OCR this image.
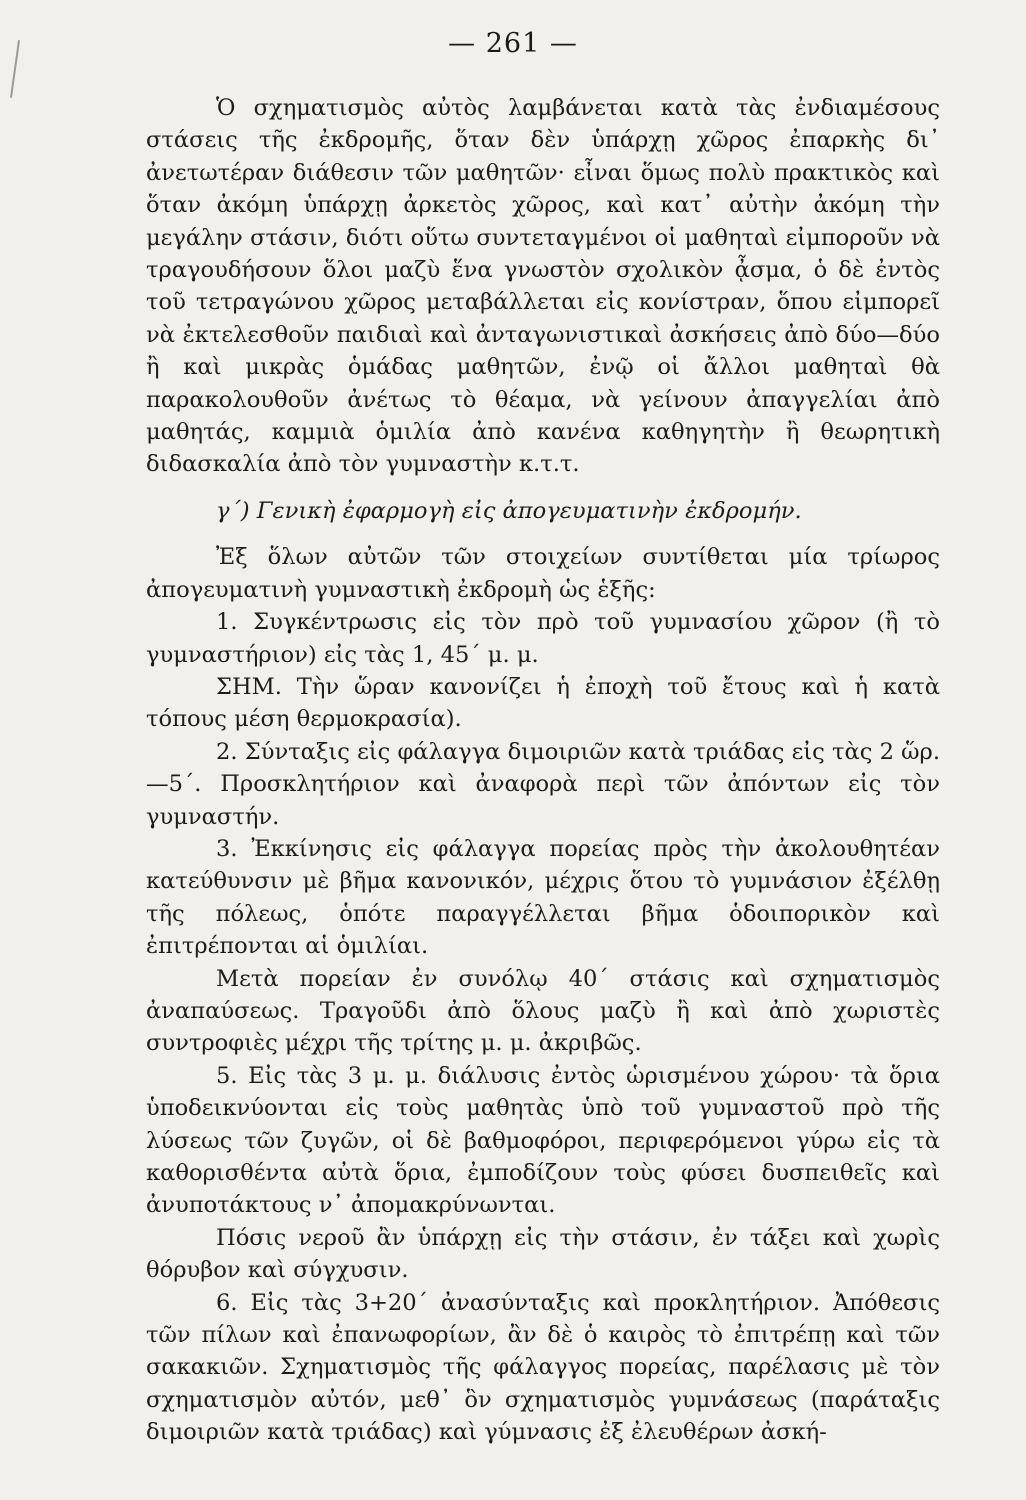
— 261 —

Ὁ σχηματισμὸς αὐτὸς λαμβάνεται κατὰ τὰς ἐνδιαμέσους στάσεις τῆς ἐκδρομῆς, ὅταν δὲν ὑπάρχῃ χῶρος ἐπαρκὴς δι᾽ ἀνετωτέραν διάθεσιν τῶν μαθητῶν· εἶναι ὅμως πολὺ πρακτικὸς καὶ ὅταν ἀκόμη ὑπάρχῃ ἀρκετὸς χῶρος, καὶ κατ᾽ αὐτὴν ἀκόμη τὴν μεγάλην στάσιν, διότι οὕτω συντεταγμένοι οἱ μαθηταὶ εἰμποροῦν νὰ τραγουδήσουν ὅλοι μαζὺ ἕνα γνωστὸν σχολικὸν ᾆσμα, ὁ δὲ ἐντὸς τοῦ τετραγώνου χῶρος μεταβάλλεται εἰς κονίστραν, ὅπου εἰμπορεῖ νὰ ἐκτελεσθοῦν παιδιαὶ καὶ ἀνταγωνιστικαὶ ἀσκήσεις ἀπὸ δύο—δύο ἢ καὶ μικρὰς ὁμάδας μαθητῶν, ἐνῷ οἱ ἄλλοι μαθηταὶ θὰ παρακολουθοῦν ἀνέτως τὸ θέαμα, νὰ γείνουν ἀπαγγελίαι ἀπὸ μαθητάς, καμμιὰ ὁμιλία ἀπὸ κανένα καθηγητὴν ἢ θεωρητικὴ διδασκαλία ἀπὸ τὸν γυμναστὴν κ.τ.τ.

γ΄) Γενικὴ ἐφαρμογὴ εἰς ἀπογευματινὴν ἐκδρομήν.

Ἐξ ὅλων αὐτῶν τῶν στοιχείων συντίθεται μία τρίωρος ἀπογευματινὴ γυμναστικὴ ἐκδρομὴ ὡς ἑξῆς:

1. Συγκέντρωσις εἰς τὸν πρὸ τοῦ γυμνασίου χῶρον (ἢ τὸ γυμναστήριον) εἰς τὰς 1, 45΄ μ. μ.

ΣΗΜ. Τὴν ὥραν κανονίζει ἡ ἐποχὴ τοῦ ἔτους καὶ ἡ κατὰ τόπους μέση θερμοκρασία).

2. Σύνταξις εἰς φάλαγγα διμοιριῶν κατὰ τριάδας εἰς τὰς 2 ὥρ.—5΄. Προσκλητήριον καὶ ἀναφορὰ περὶ τῶν ἀπόντων εἰς τὸν γυμναστήν.

3. Ἐκκίνησις εἰς φάλαγγα πορείας πρὸς τὴν ἀκολουθητέαν κατεύθυνσιν μὲ βῆμα κανονικόν, μέχρις ὅτου τὸ γυμνάσιον ἐξέλθῃ τῆς πόλεως, ὁπότε παραγγέλλεται βῆμα ὁδοιπορικὸν καὶ ἐπιτρέπονται αἱ ὁμιλίαι.

Μετὰ πορείαν ἐν συνόλῳ 40΄ στάσις καὶ σχηματισμὸς ἀναπαύσεως. Τραγοῦδι ἀπὸ ὅλους μαζὺ ἢ καὶ ἀπὸ χωριστὲς συντροφιὲς μέχρι τῆς τρίτης μ. μ. ἀκριβῶς.

5. Εἰς τὰς 3 μ. μ. διάλυσις ἐντὸς ὡρισμένου χώρου· τὰ ὅρια ὑποδεικνύονται εἰς τοὺς μαθητὰς ὑπὸ τοῦ γυμναστοῦ πρὸ τῆς λύσεως τῶν ζυγῶν, οἱ δὲ βαθμοφόροι, περιφερόμενοι γύρω εἰς τὰ καθορισθέντα αὐτὰ ὅρια, ἐμποδίζουν τοὺς φύσει δυσπειθεῖς καὶ ἀνυποτάκτους ν᾽ ἀπομακρύνωνται.

Πόσις νεροῦ ἂν ὑπάρχῃ εἰς τὴν στάσιν, ἐν τάξει καὶ χωρὶς θόρυβον καὶ σύγχυσιν.

6. Εἰς τὰς 3+20΄ ἀνασύνταξις καὶ προκλητήριον. Ἀπόθεσις τῶν πίλων καὶ ἐπανωφορίων, ἂν δὲ ὁ καιρὸς τὸ ἐπιτρέπῃ καὶ τῶν σακακιῶν. Σχηματισμὸς τῆς φάλαγγος πορείας, παρέλασις μὲ τὸν σχηματισμὸν αὐτόν, μεθ᾽ ὃν σχηματισμὸς γυμνάσεως (παράταξις διμοιριῶν κατὰ τριάδας) καὶ γύμνασις ἐξ ἐλευθέρων ἀσκή-
